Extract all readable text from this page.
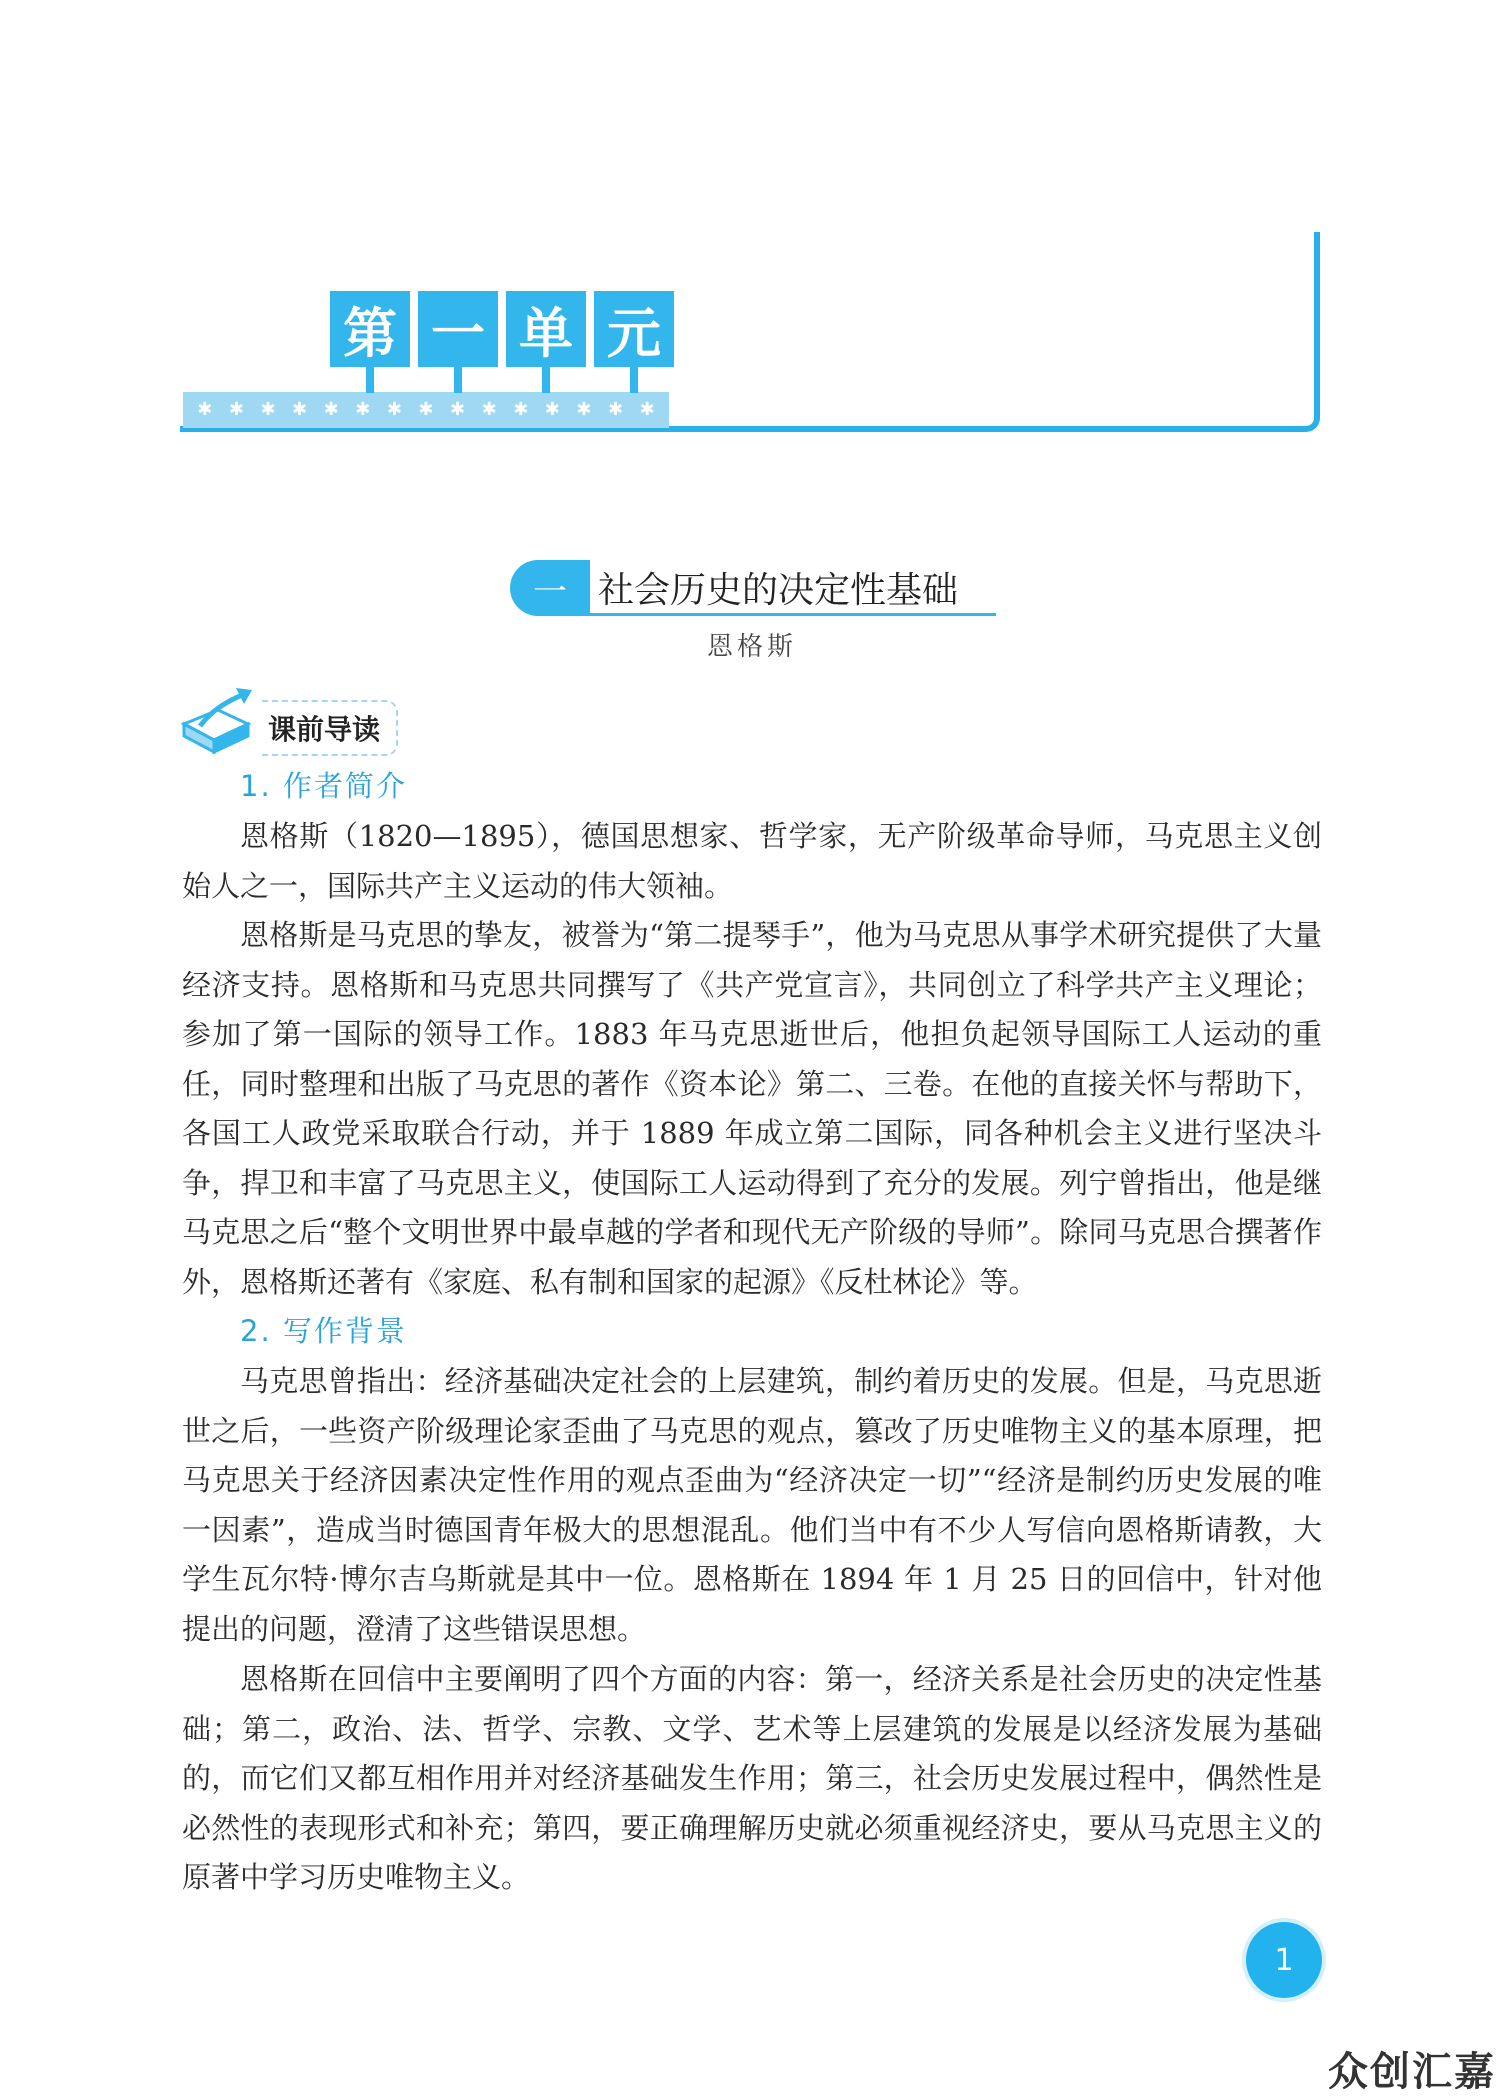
✱ ✱ ✱ ✱ ✱ ✱ ✱ ✱ ✱ ✱ ✱ ✱ ✱ ✱ ✱
第 一 单 元
一 社会历史的决定性基础
恩格斯
课前导读
1. 作者简介

恩格斯（1820—1895），德国思想家、哲学家，无产阶级革命导师，马克思主义创始人之一，国际共产主义运动的伟大领袖。

恩格斯是马克思的挚友，被誉为“第二提琴手”，他为马克思从事学术研究提供了大量经济支持。恩格斯和马克思共同撰写了《共产党宣言》，共同创立了科学共产主义理论；参加了第一国际的领导工作。1883 年马克思逝世后，他担负起领导国际工人运动的重任，同时整理和出版了马克思的著作《资本论》第二、三卷。在他的直接关怀与帮助下，各国工人政党采取联合行动，并于 1889 年成立第二国际，同各种机会主义进行坚决斗争，捍卫和丰富了马克思主义，使国际工人运动得到了充分的发展。列宁曾指出，他是继马克思之后“整个文明世界中最卓越的学者和现代无产阶级的导师”。除同马克思合撰著作外，恩格斯还著有《家庭、私有制和国家的起源》《反杜林论》等。

2. 写作背景

马克思曾指出：经济基础决定社会的上层建筑，制约着历史的发展。但是，马克思逝世之后，一些资产阶级理论家歪曲了马克思的观点，篡改了历史唯物主义的基本原理，把马克思关于经济因素决定性作用的观点歪曲为“经济决定一切”“经济是制约历史发展的唯一因素”，造成当时德国青年极大的思想混乱。他们当中有不少人写信向恩格斯请教，大学生瓦尔特·博尔吉乌斯就是其中一位。恩格斯在 1894 年 1 月 25 日的回信中，针对他提出的问题，澄清了这些错误思想。

恩格斯在回信中主要阐明了四个方面的内容：第一，经济关系是社会历史的决定性基础；第二，政治、法、哲学、宗教、文学、艺术等上层建筑的发展是以经济发展为基础的，而它们又都互相作用并对经济基础发生作用；第三，社会历史发展过程中，偶然性是必然性的表现形式和补充；第四，要正确理解历史就必须重视经济史，要从马克思主义的原著中学习历史唯物主义。

1
众创汇嘉
